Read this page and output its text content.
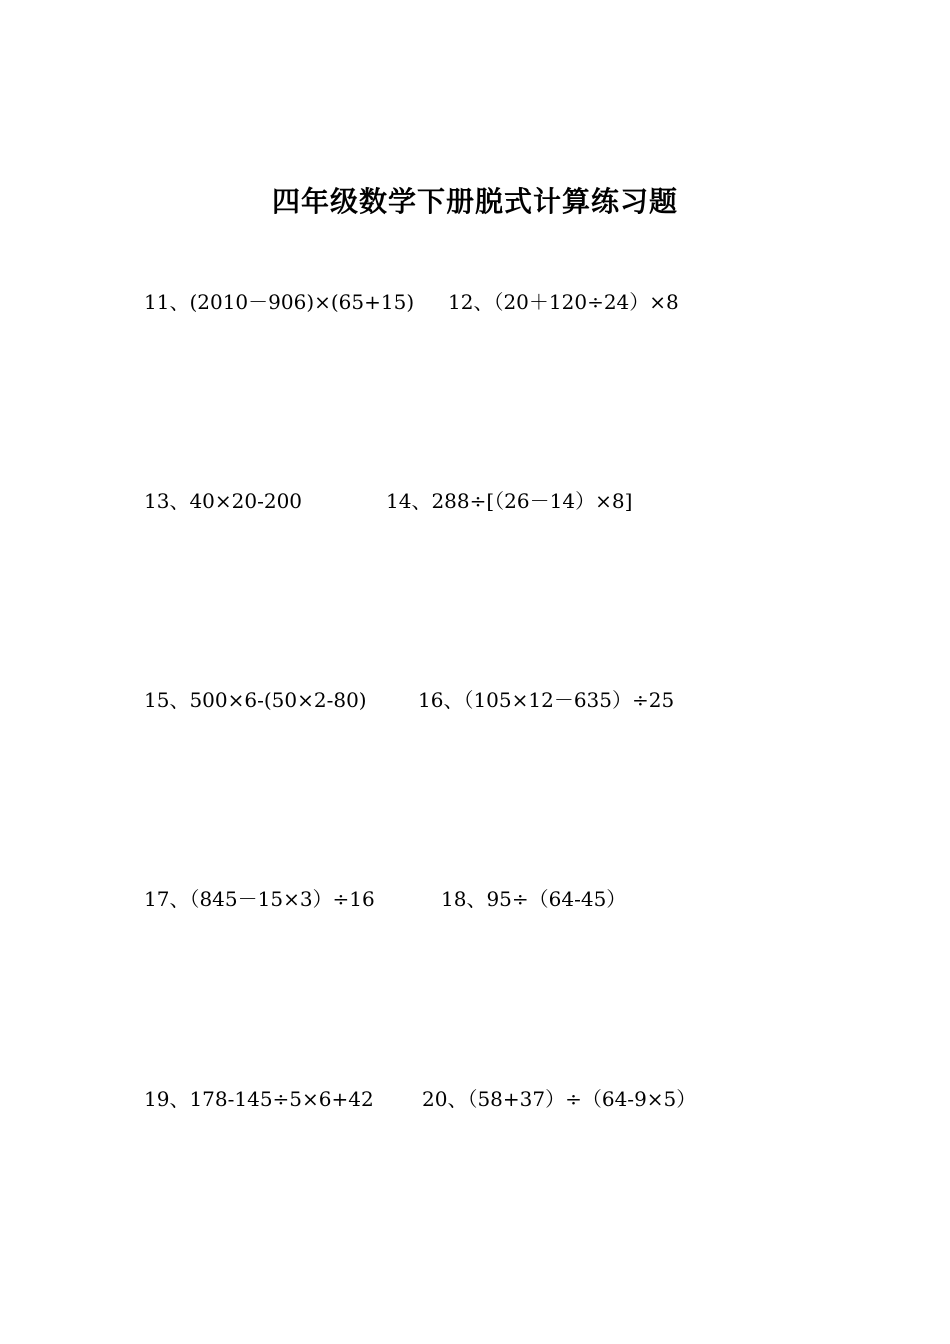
四年级数学下册脱式计算练习题
11、(2010－906)×(65+15) 12、（20＋120÷24）×8
13、40×20-200	14、288÷[（26－14）×8]
15、500×6-(50×2-80)	16、（105×12－635）÷25
17、（845－15×3）÷16	18、95÷（64-45）
19、178-145÷5×6+42 20、（58+37）÷（64-9×5）
